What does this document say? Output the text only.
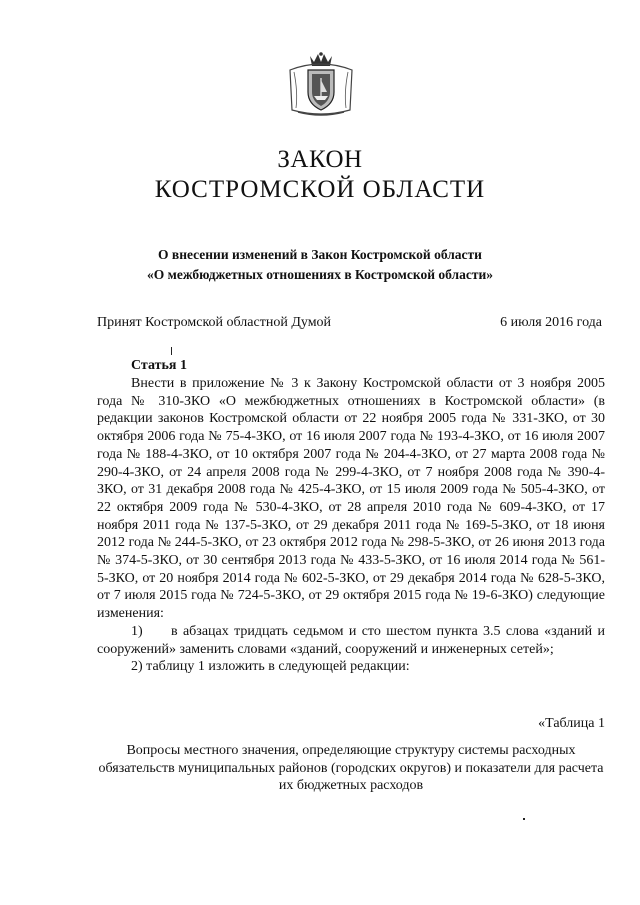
ЗАКОН
КОСТРОМСКОЙ ОБЛАСТИ
О внесении изменений в Закон Костромской области
«О межбюджетных отношениях в Костромской области»
Принят Костромской областной Думой	6 июля 2016 года
Статья 1

Внести в приложение № 3 к Закону Костромской области от 3 ноября 2005 года № 310-ЗКО «О межбюджетных отношениях в Костромской области» (в редакции законов Костромской области от 22 ноября 2005 года № 331-ЗКО, от 30 октября 2006 года № 75-4-ЗКО, от 16 июля 2007 года № 193-4-ЗКО, от 16 июля 2007 года № 188-4-ЗКО, от 10 октября 2007 года № 204-4-ЗКО, от 27 марта 2008 года № 290-4-ЗКО, от 24 апреля 2008 года № 299-4-ЗКО, от 7 ноября 2008 года № 390-4-ЗКО, от 31 декабря 2008 года № 425-4-ЗКО, от 15 июля 2009 года № 505-4-ЗКО, от 22 октября 2009 года № 530-4-ЗКО, от 28 апреля 2010 года № 609-4-ЗКО, от 17 ноября 2011 года № 137-5-ЗКО, от 29 декабря 2011 года № 169-5-ЗКО, от 18 июня 2012 года № 244-5-ЗКО, от 23 октября 2012 года № 298-5-ЗКО, от 26 июня 2013 года № 374-5-ЗКО, от 30 сентября 2013 года № 433-5-ЗКО, от 16 июля 2014 года № 561-5-ЗКО, от 20 ноября 2014 года № 602-5-ЗКО, от 29 декабря 2014 года № 628-5-ЗКО, от 7 июля 2015 года № 724-5-ЗКО, от 29 октября 2015 года № 19-6-ЗКО) следующие изменения:

1) в абзацах тридцать седьмом и сто шестом пункта 3.5 слова «зданий и сооружений» заменить словами «зданий, сооружений и инженерных сетей»;

2) таблицу 1 изложить в следующей редакции:

«Таблица 1
Вопросы местного значения, определяющие структуру системы расходных обязательств муниципальных районов (городских округов) и показатели для расчета их бюджетных расходов
